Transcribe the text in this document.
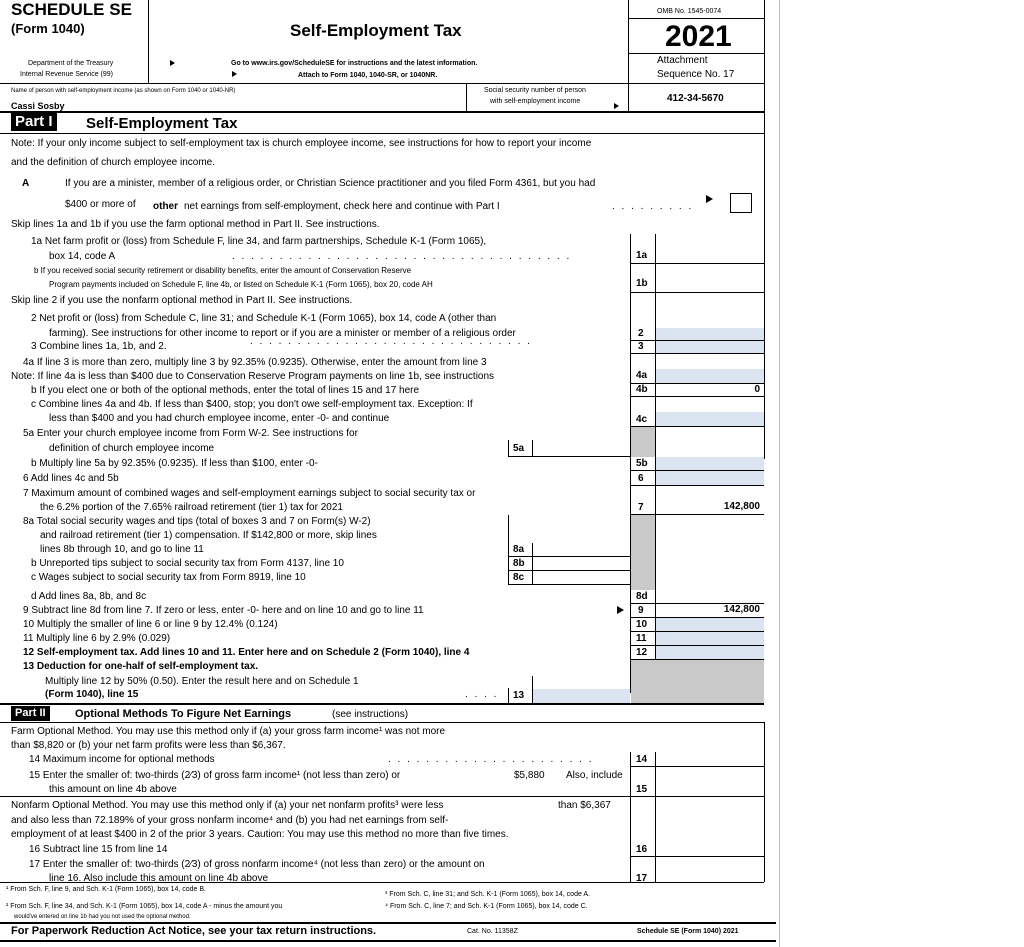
SCHEDULE SE
(Form 1040)
Department of the Treasury
Internal Revenue Service (99)
Self-Employment Tax
Go to www.irs.gov/ScheduleSE for instructions and the latest information.
Attach to Form 1040, 1040-SR, or 1040NR.
OMB No. 1545-0074
2021
Attachment
Sequence No. 17
Name of person with self-employment income (as shown on Form 1040 or 1040-NR)
Cassi Sosby
Social security number of person
with self-employment income	412-34-5670
Part I Self-Employment Tax
Note: If your only income subject to self-employment tax is church employee income, see instructions for how to report your income
and the definition of church employee income.
A	If you are a minister, member of a religious order, or Christian Science practitioner and you filed Form 4361, but you had
$400 or more of other net earnings from self-employment, check here and continue with Part I	. . . . . . . . .
Skip lines 1a and 1b if you use the farm optional method in Part II. See instructions.
1a Net farm profit or (loss) from Schedule F, line 34, and farm partnerships, Schedule K-1 (Form 1065),
box 14, code A	. . . . . . . . . . . . . . . . . . . . . . . . . . . . . . . . . . . .	1a
b If you received social security retirement or disability benefits, enter the amount of Conservation Reserve
Program payments included on Schedule F, line 4b, or listed on Schedule K-1 (Form 1065), box 20, code AH	1b
Skip line 2 if you use the nonfarm optional method in Part II. See instructions.
2 Net profit or (loss) from Schedule C, line 31; and Schedule K-1 (Form 1065), box 14, code A (other than
farming). See instructions for other income to report or if you are a minister or member of a religious order	2
3 Combine lines 1a, 1b, and 2.	. . . . . . . . . . . . . . . . . . . . . . . . . . . . . .	3
4a If line 3 is more than zero, multiply line 3 by 92.35% (0.9235). Otherwise, enter the amount from line 3
Note: If line 4a is less than $400 due to Conservation Reserve Program payments on line 1b, see instructions	4a
b If you elect one or both of the optional methods, enter the total of lines 15 and 17 here	4b	0
c Combine lines 4a and 4b. If less than $400, stop; you don't owe self-employment tax. Exception: If
less than $400 and you had church employee income, enter -0- and continue	4c
5a Enter your church employee income from Form W-2. See instructions for
definition of church employee income	5a
b Multiply line 5a by 92.35% (0.9235). If less than $100, enter -0-	5b
6 Add lines 4c and 5b	6
7 Maximum amount of combined wages and self-employment earnings subject to social security tax or
the 6.2% portion of the 7.65% railroad retirement (tier 1) tax for 2021	7	142,800
8a Total social security wages and tips (total of boxes 3 and 7 on Form(s) W-2)
and railroad retirement (tier 1) compensation. If $142,800 or more, skip lines
lines 8b through 10, and go to line 11	8a
b Unreported tips subject to social security tax from Form 4137, line 10	8b
c Wages subject to social security tax from Form 8919, line 10	8c
d Add lines 8a, 8b, and 8c	8d
9 Subtract line 8d from line 7. If zero or less, enter -0- here and on line 10 and go to line 11	9	142,800
10 Multiply the smaller of line 6 or line 9 by 12.4% (0.124)	10
11 Multiply line 6 by 2.9% (0.029)	11
12 Self-employment tax. Add lines 10 and 11. Enter here and on Schedule 2 (Form 1040), line 4	12
13 Deduction for one-half of self-employment tax.
Multiply line 12 by 50% (0.50). Enter the result here and on Schedule 1
(Form 1040), line 15	. . . . 13
Part II	Optional Methods To Figure Net Earnings	(see instructions)
Farm Optional Method. You may use this method only if (a) your gross farm income¹ was not more
than $8,820 or (b) your net farm profits were less than $6,367.
14 Maximum income for optional methods	. . . . . . . . . . . . . . . . . . . . . .	14
15 Enter the smaller of: two-thirds (2⁄3) of gross farm income¹ (not less than zero) or	$5,880 Also, include
this amount on line 4b above	15
Nonfarm Optional Method. You may use this method only if (a) your net nonfarm profits³ were less	than $6,367
and also less than 72.189% of your gross nonfarm income⁴ and (b) you had net earnings from self-
employment of at least $400 in 2 of the prior 3 years. Caution: You may use this method no more than five times.
16 Subtract line 15 from line 14	16
17 Enter the smaller of: two-thirds (2⁄3) of gross nonfarm income⁴ (not less than zero) or the amount on
line 16. Also include this amount on line 4b above	17
¹ From Sch. F, line 9, and Sch. K-1 (Form 1065), box 14, code B.
² From Sch. F, line 34, and Sch. K-1 (Form 1065), box 14, code A - minus the amount you
would've entered on line 1b had you not used the optional method.
³ From Sch. C, line 31; and Sch. K-1 (Form 1065), box 14, code A.
⁴ From Sch. C, line 7; and Sch. K-1 (Form 1065), box 14, code C.
For Paperwork Reduction Act Notice, see your tax return instructions.	Cat. No. 11358Z	Schedule SE (Form 1040) 2021
